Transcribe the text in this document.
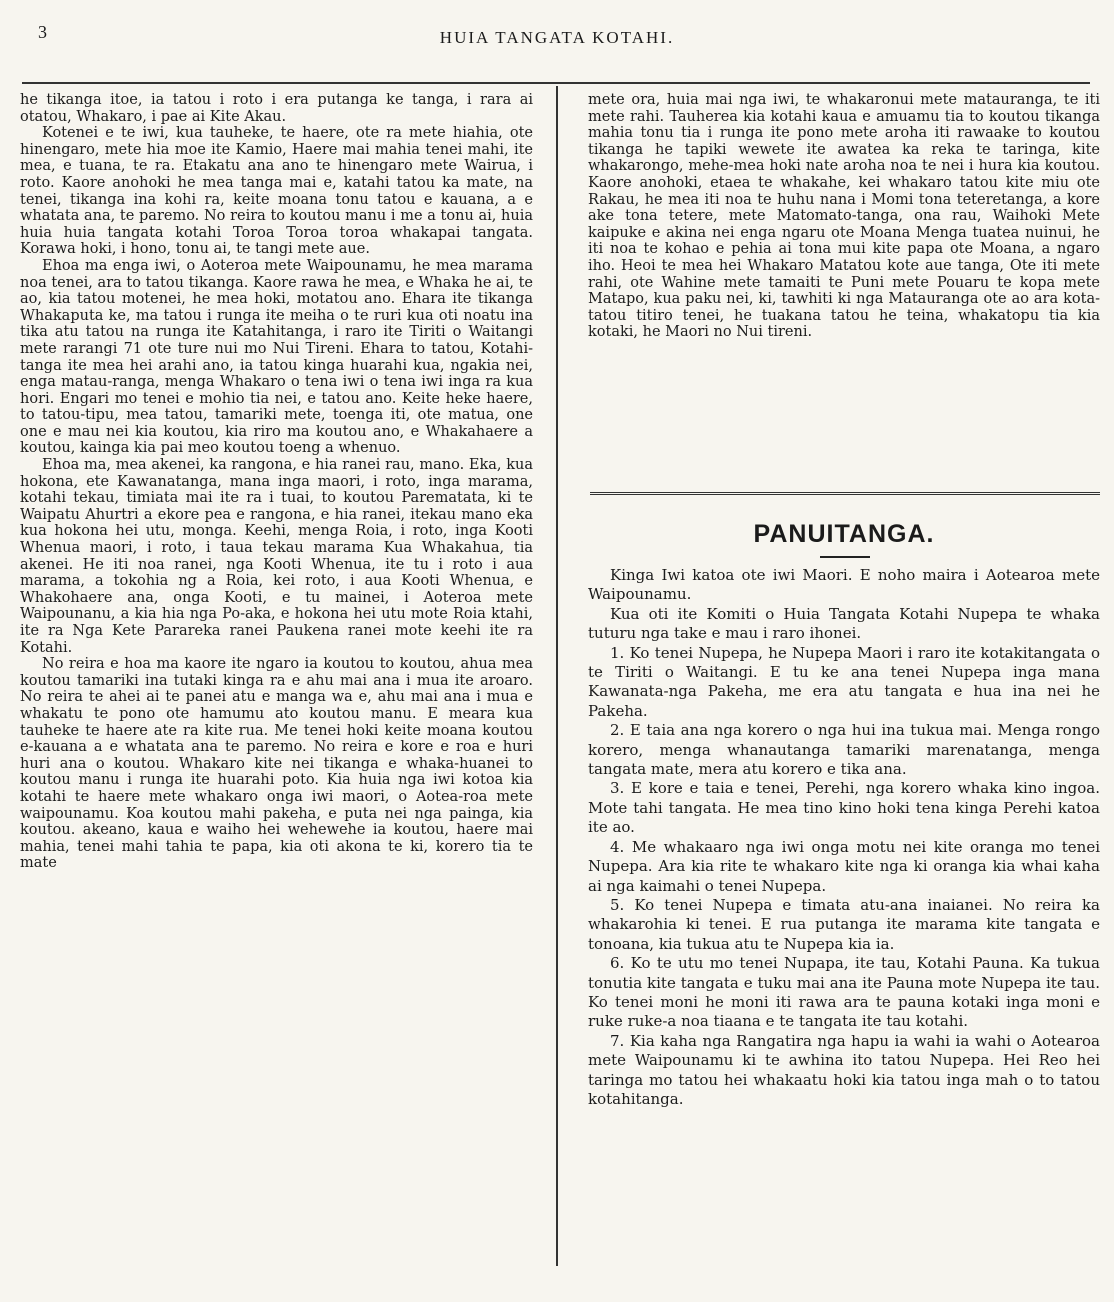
3	HUIA TANGATA KOTAHI.

he tikanga itoe, ia tatou i roto i era putanga ke tanga, i rara ai otatou, Whakaro, i pae ai Kite Akau.

Kotenei e te iwi, kua tauheke, te haere, ote ra mete hiahia, ote hinengaro, mete hia moe ite Kamio, Haere mai mahia tenei mahi, ite mea, e tuana, te ra. Etakatu ana ano te hinengaro mete Wairua, i roto. Kaore anohoki he mea tanga mai e, katahi tatou ka mate, na tenei, tikanga ina kohi ra, keite moana tonu tatou e kauana, a e whatata ana, te paremo. No reira to koutou manu i me a tonu ai, huia huia huia tangata kotahi Toroa Toroa toroa whakapai tangata. Korawa hoki, i hono, tonu ai, te tangi mete aue.

Ehoa ma enga iwi, o Aoteroa mete Waipounamu, he mea marama noa tenei, ara to tatou tikanga. Kaore rawa he mea, e Whaka he ai, te ao, kia tatou motenei, he mea hoki, motatou ano. Ehara ite tikanga Whakaputa ke, ma tatou i runga ite meiha o te ruri kua oti noatu ina tika atu tatou na runga ite Katahitanga, i raro ite Tiriti o Waitangi mete rarangi 71 ote ture nui mo Nui Tireni. Ehara to tatou, Kotahi-tanga ite mea hei arahi ano, ia tatou kinga huarahi kua, ngakia nei, enga matau-ranga, menga Whakaro o tena iwi o tena iwi inga ra kua hori. Engari mo tenei e mohio tia nei, e tatou ano. Keite heke haere, to tatou-tipu, mea tatou, tamariki mete, toenga iti, ote matua, one one e mau nei kia koutou, kia riro ma koutou ano, e Whakahaere a koutou, kainga kia pai meo koutou toeng a whenuo.

Ehoa ma, mea akenei, ka rangona, e hia ranei rau, mano. Eka, kua hokona, ete Kawanatanga, mana inga maori, i roto, inga marama, kotahi tekau, timiata mai ite ra i tuai, to koutou Parematata, ki te Waipatu Ahurtri a ekore pea e rangona, e hia ranei, itekau mano eka kua hokona hei utu, monga. Keehi, menga Roia, i roto, inga Kooti Whenua maori, i roto, i taua tekau marama Kua Whakahua, tia akenei. He iti noa ranei, nga Kooti Whenua, ite tu i roto i aua marama, a tokohia ng a Roia, kei roto, i aua Kooti Whenua, e Whakohaere ana, onga Kooti, e tu mainei, i Aoteroa mete Waipounanu, a kia hia nga Po-aka, e hokona hei utu mote Roia ktahi, ite ra Nga Kete Parareka ranei Paukena ranei mote keehi ite ra Kotahi.

No reira e hoa ma kaore ite ngaro ia koutou to koutou, ahua mea koutou tamariki ina tutaki kinga ra e ahu mai ana i mua ite aroaro. No reira te ahei ai te panei atu e manga wa e, ahu mai ana i mua e whakatu te pono ote hamumu ato koutou manu. E meara kua tauheke te haere ate ra kite rua. Me tenei hoki keite moana koutou e-kauana a e whatata ana te paremo. No reira e kore e roa e huri huri ana o koutou. Whakaro kite nei tikanga e whaka-huanei to koutou manu i runga ite huarahi poto. Kia huia nga iwi kotoa kia kotahi te haere mete whakaro onga iwi maori, o Aotea-roa mete waipounamu. Koa koutou mahi pakeha, e puta nei nga painga, kia koutou. akeano, kaua e waiho hei wehewehe ia koutou, haere mai mahia, tenei mahi tahia te papa, kia oti akona te ki, korero tia te mate

mete ora, huia mai nga iwi, te whakaronui mete matauranga, te iti mete rahi. Tauherea kia kotahi kaua e amuamu tia to koutou tikanga mahia tonu tia i runga ite pono mete aroha iti rawaake to koutou tikanga he tapiki wewete ite awatea ka reka te taringa, kite whakarongo, mehe-mea hoki nate aroha noa te nei i hura kia koutou. Kaore anohoki, etaea te whakahe, kei whakaro tatou kite miu ote Rakau, he mea iti noa te huhu nana i Momi tona teteretanga, a kore ake tona tetere, mete Matomato-tanga, ona rau, Waihoki Mete kaipuke e akina nei enga ngaru ote Moana Menga tuatea nuinui, he iti noa te kohao e pehia ai tona mui kite papa ote Moana, a ngaro iho. Heoi te mea hei Whakaro Matatou kote aue tanga, Ote iti mete rahi, ote Wahine mete tamaiti te Puni mete Pouaru te kopa mete Matapo, kua paku nei, ki, tawhiti ki nga Matauranga ote ao ara kota-tatou titiro tenei, he tuakana tatou he teina, whakatopu tia kia kotaki, he Maori no Nui tireni.

PANUITANGA.

Kinga Iwi katoa ote iwi Maori. E noho maira i Aotearoa mete Waipounamu.

Kua oti ite Komiti o Huia Tangata Kotahi Nupepa te whaka tuturu nga take e mau i raro ihonei.

1. Ko tenei Nupepa, he Nupepa Maori i raro ite kotakitangata o te Tiriti o Waitangi. E tu ke ana tenei Nupepa inga mana Kawanata-nga Pakeha, me era atu tangata e hua ina nei he Pakeha.

2. E taia ana nga korero o nga hui ina tukua mai. Menga rongo korero, menga whanautanga tamariki marenatanga, menga tangata mate, mera atu korero e tika ana.

3. E kore e taia e tenei, Perehi, nga korero whaka kino ingoa. Mote tahi tangata. He mea tino kino hoki tena kinga Perehi katoa ite ao.

4. Me whakaaro nga iwi onga motu nei kite oranga mo tenei Nupepa. Ara kia rite te whakaro kite nga ki oranga kia whai kaha ai nga kaimahi o tenei Nupepa.

5. Ko tenei Nupepa e timata atu-ana inaianei. No reira ka whakarohia ki tenei. E rua putanga ite marama kite tangata e tonoana, kia tukua atu te Nupepa kia ia.

6. Ko te utu mo tenei Nupapa, ite tau, Kotahi Pauna. Ka tukua tonutia kite tangata e tuku mai ana ite Pauna mote Nupepa ite tau. Ko tenei moni he moni iti rawa ara te pauna kotaki inga moni e ruke ruke-a noa tiaana e te tangata ite tau kotahi.

7. Kia kaha nga Rangatira nga hapu ia wahi ia wahi o Aotearoa mete Waipounamu ki te awhina ito tatou Nupepa. Hei Reo hei taringa mo tatou hei whakaatu hoki kia tatou inga mah o to tatou kotahitanga.
